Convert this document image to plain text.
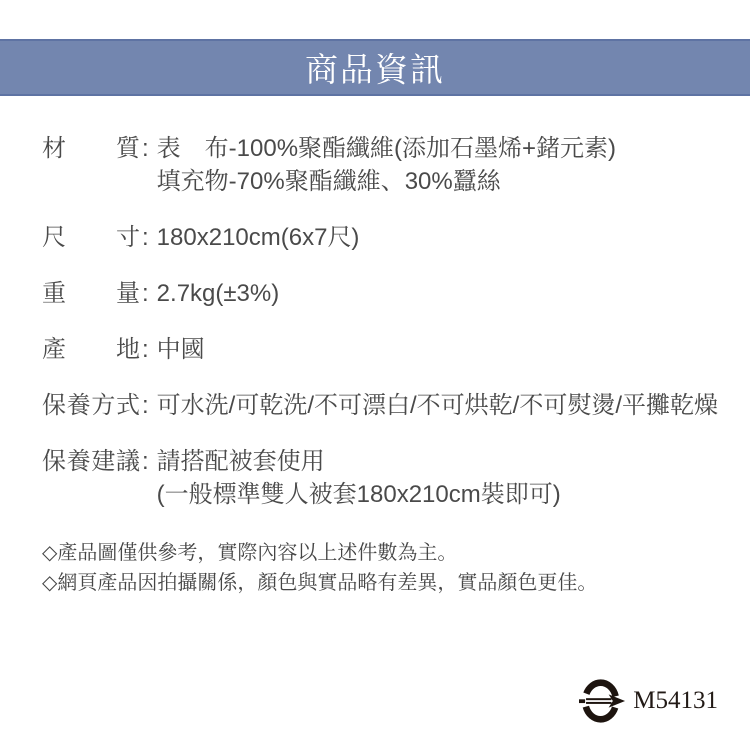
商品資訊
材質 : 表　布-100%聚酯纖維(添加石墨烯+鍺元素)
填充物-70%聚酯纖維、30%蠶絲
尺寸 : 180x210cm(6x7尺)
重量 : 2.7kg(±3%)
產地 : 中國
保養方式 : 可水洗/可乾洗/不可漂白/不可烘乾/不可熨燙/平攤乾燥
保養建議 : 請搭配被套使用
(一般標準雙人被套180x210cm裝即可)
◇產品圖僅供參考，實際內容以上述件數為主。
◇網頁產品因拍攝關係，顏色與實品略有差異，實品顏色更佳。
M54131
